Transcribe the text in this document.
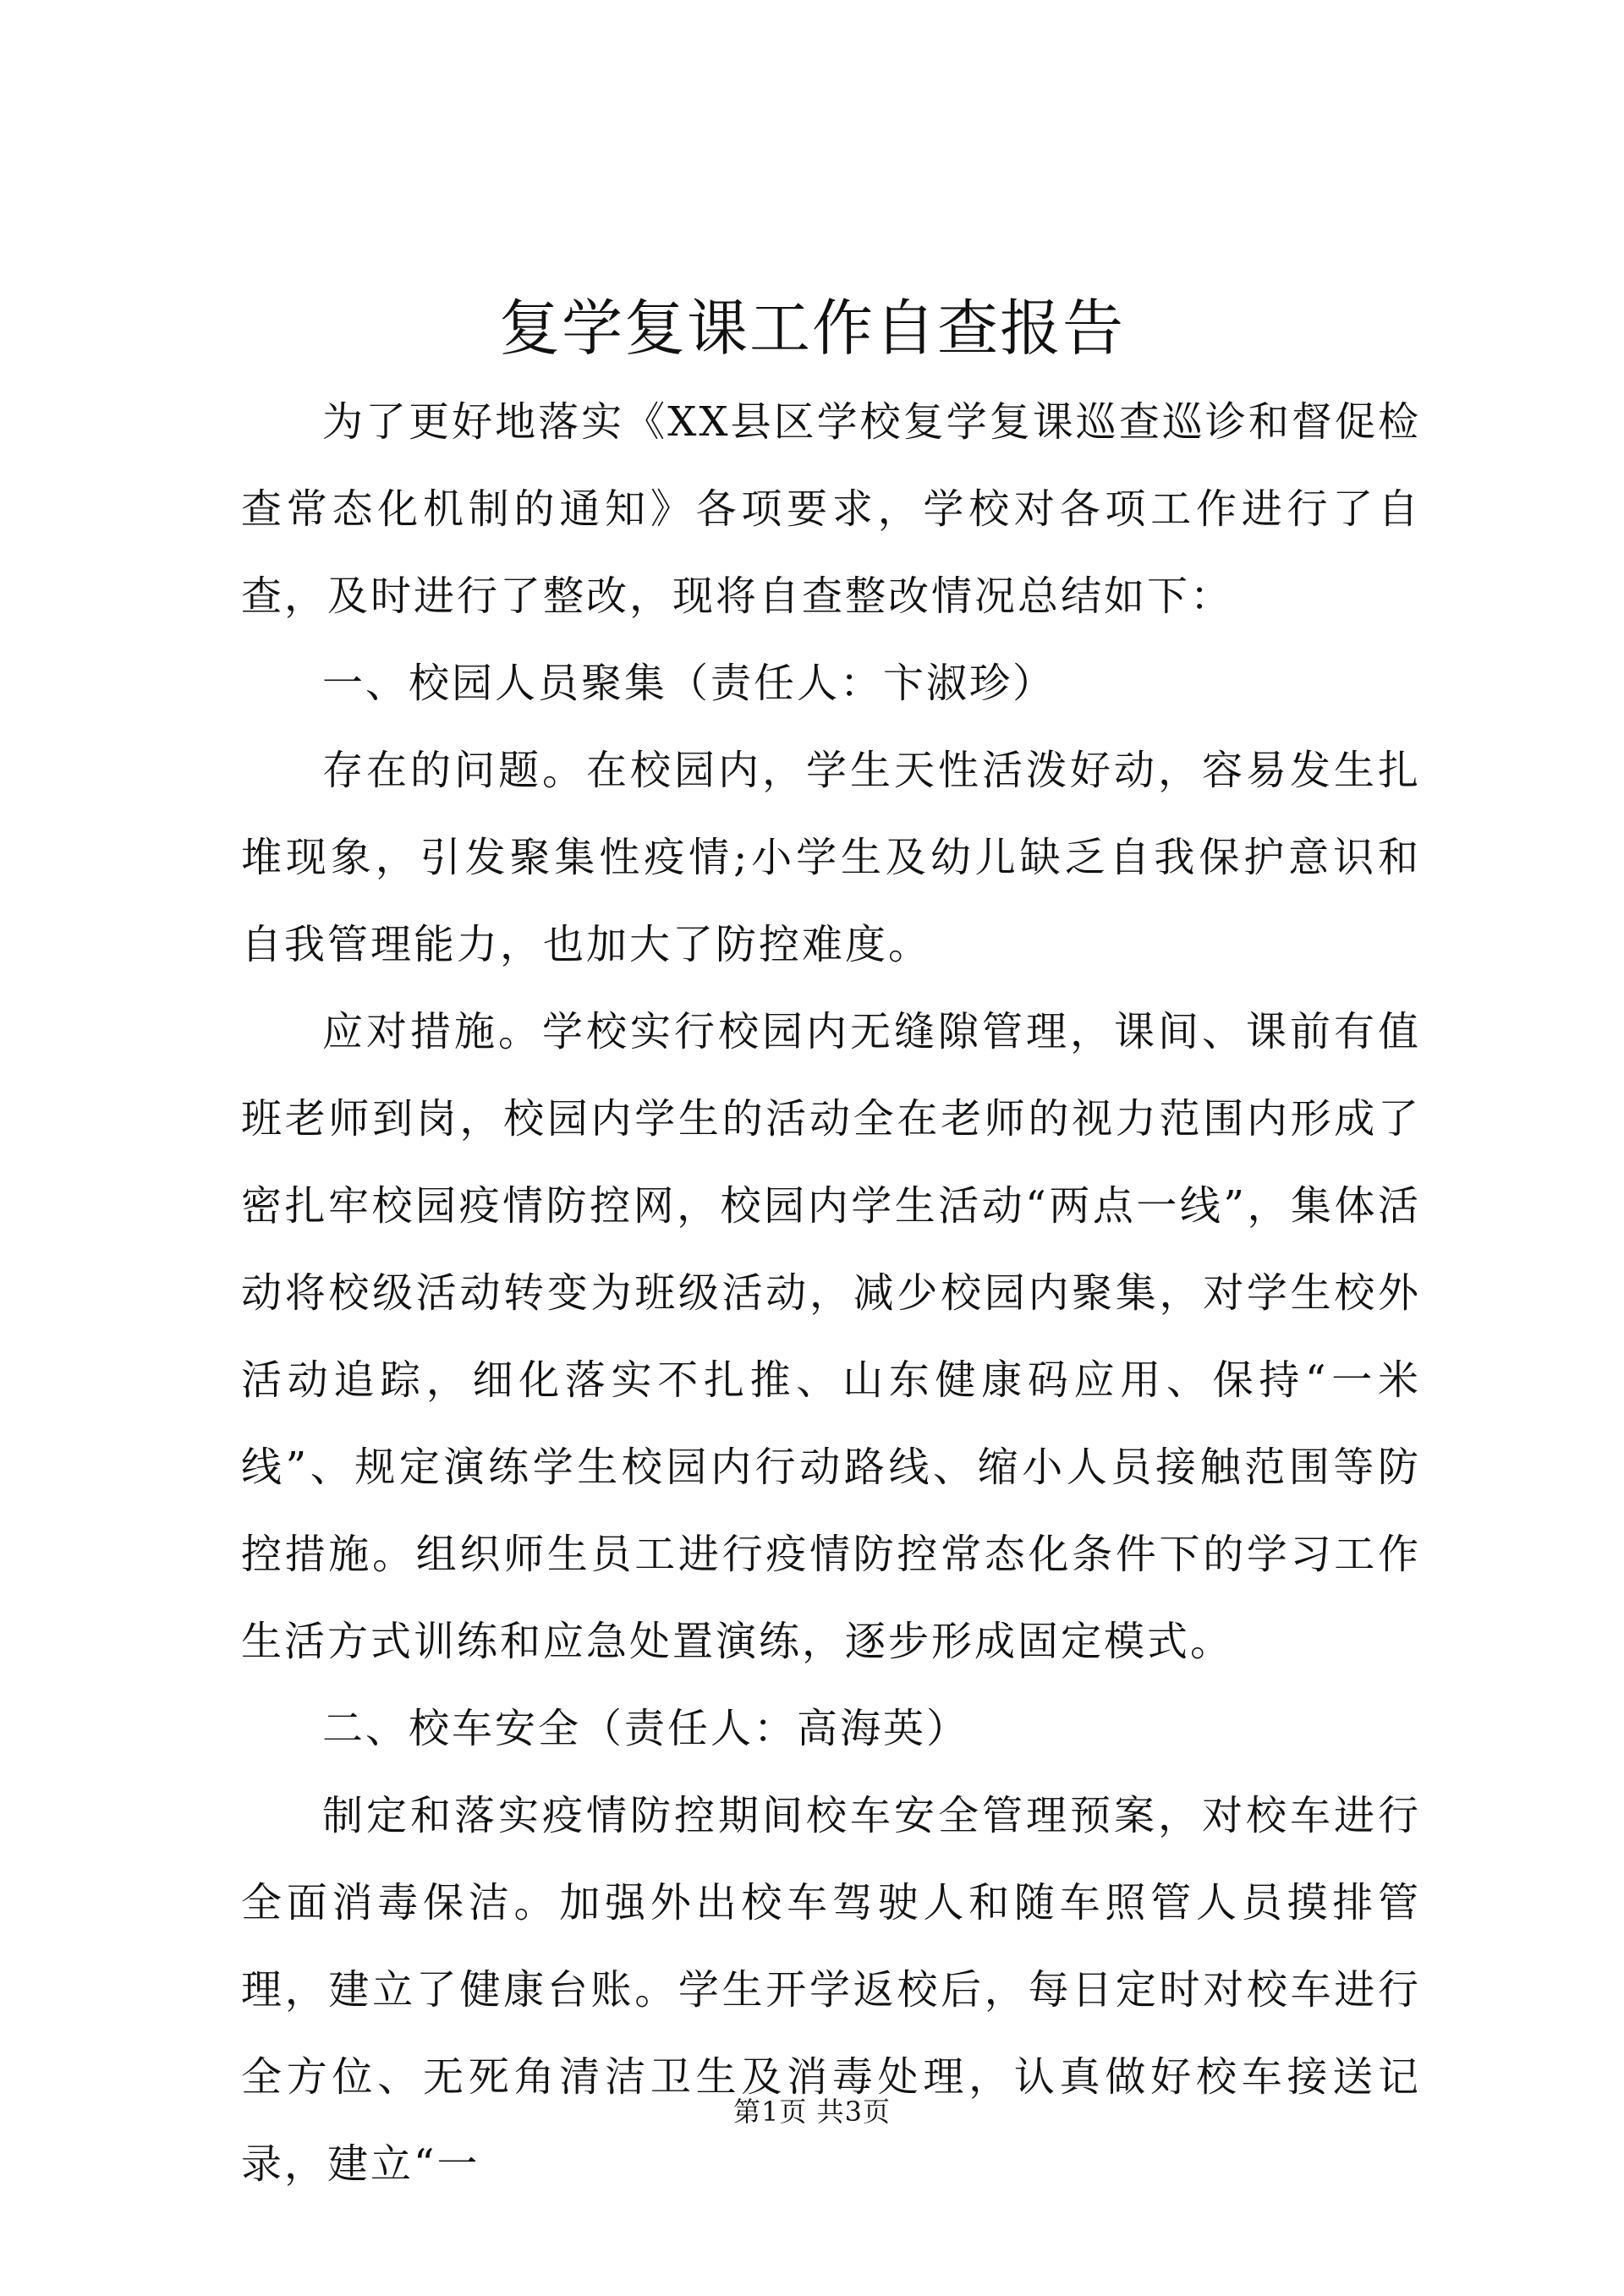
复学复课工作自查报告

为了更好地落实《XX县区学校复学复课巡查巡诊和督促检查常态化机制的通知》各项要求，学校对各项工作进行了自查，及时进行了整改，现将自查整改情况总结如下：

一、校园人员聚集（责任人：卞淑珍）

存在的问题。在校园内，学生天性活泼好动，容易发生扎堆现象，引发聚集性疫情;小学生及幼儿缺乏自我保护意识和自我管理能力，也加大了防控难度。

应对措施。学校实行校园内无缝隙管理，课间、课前有值班老师到岗，校园内学生的活动全在老师的视力范围内形成了密扎牢校园疫情防控网，校园内学生活动“两点一线”，集体活动将校级活动转变为班级活动，减少校园内聚集，对学生校外活动追踪，细化落实不扎推、山东健康码应用、保持“一米线”、规定演练学生校园内行动路线、缩小人员接触范围等防控措施。组织师生员工进行疫情防控常态化条件下的学习工作生活方式训练和应急处置演练，逐步形成固定模式。

二、校车安全（责任人：高海英）

制定和落实疫情防控期间校车安全管理预案，对校车进行全面消毒保洁。加强外出校车驾驶人和随车照管人员摸排管理，建立了健康台账。学生开学返校后，每日定时对校车进行全方位、无死角清洁卫生及消毒处理，认真做好校车接送记录，建立“一

第1页 共3页
